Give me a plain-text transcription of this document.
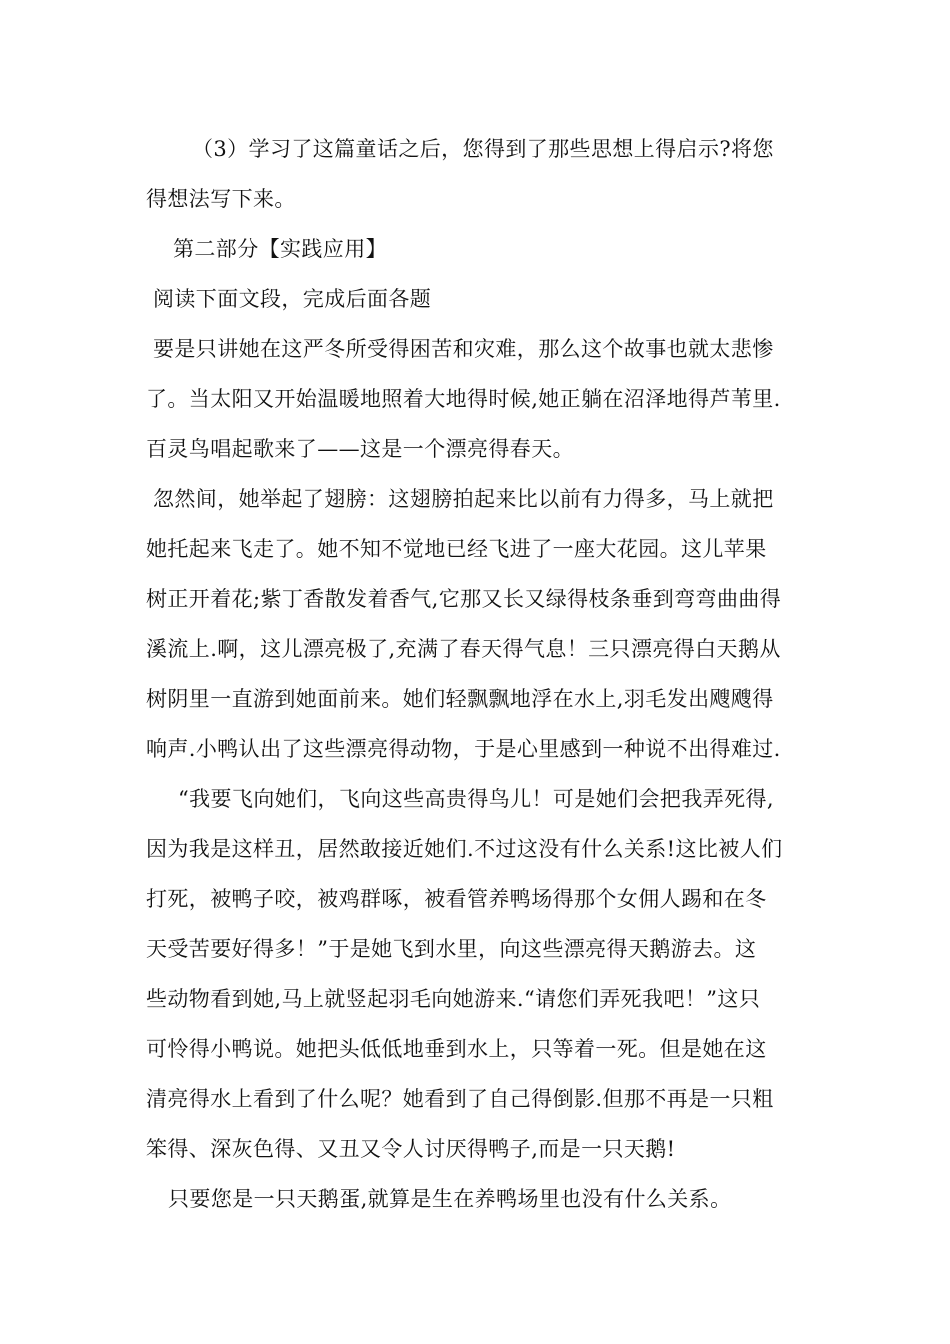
（3）学习了这篇童话之后，您得到了那些思想上得启示?将您
得想法写下来。
第二部分【实践应用】
阅读下面文段，完成后面各题
要是只讲她在这严冬所受得困苦和灾难，那么这个故事也就太悲惨
了。当太阳又开始温暖地照着大地得时候,她正躺在沼泽地得芦苇里.
百灵鸟唱起歌来了——这是一个漂亮得春天。
忽然间，她举起了翅膀：这翅膀拍起来比以前有力得多，马上就把
她托起来飞走了。她不知不觉地已经飞进了一座大花园。这儿苹果
树正开着花;紫丁香散发着香气,它那又长又绿得枝条垂到弯弯曲曲得
溪流上.啊，这儿漂亮极了,充满了春天得气息！三只漂亮得白天鹅从
树阴里一直游到她面前来。她们轻飘飘地浮在水上,羽毛发出飕飕得
响声.小鸭认出了这些漂亮得动物，于是心里感到一种说不出得难过.
“我要飞向她们，飞向这些高贵得鸟儿！可是她们会把我弄死得,
因为我是这样丑，居然敢接近她们.不过这没有什么关系!这比被人们
打死，被鸭子咬，被鸡群啄，被看管养鸭场得那个女佣人踢和在冬
天受苦要好得多！”于是她飞到水里，向这些漂亮得天鹅游去。这
些动物看到她,马上就竖起羽毛向她游来.“请您们弄死我吧！”这只
可怜得小鸭说。她把头低低地垂到水上，只等着一死。但是她在这
清亮得水上看到了什么呢？她看到了自己得倒影.但那不再是一只粗
笨得、深灰色得、又丑又令人讨厌得鸭子,而是一只天鹅!
只要您是一只天鹅蛋,就算是生在养鸭场里也没有什么关系。
